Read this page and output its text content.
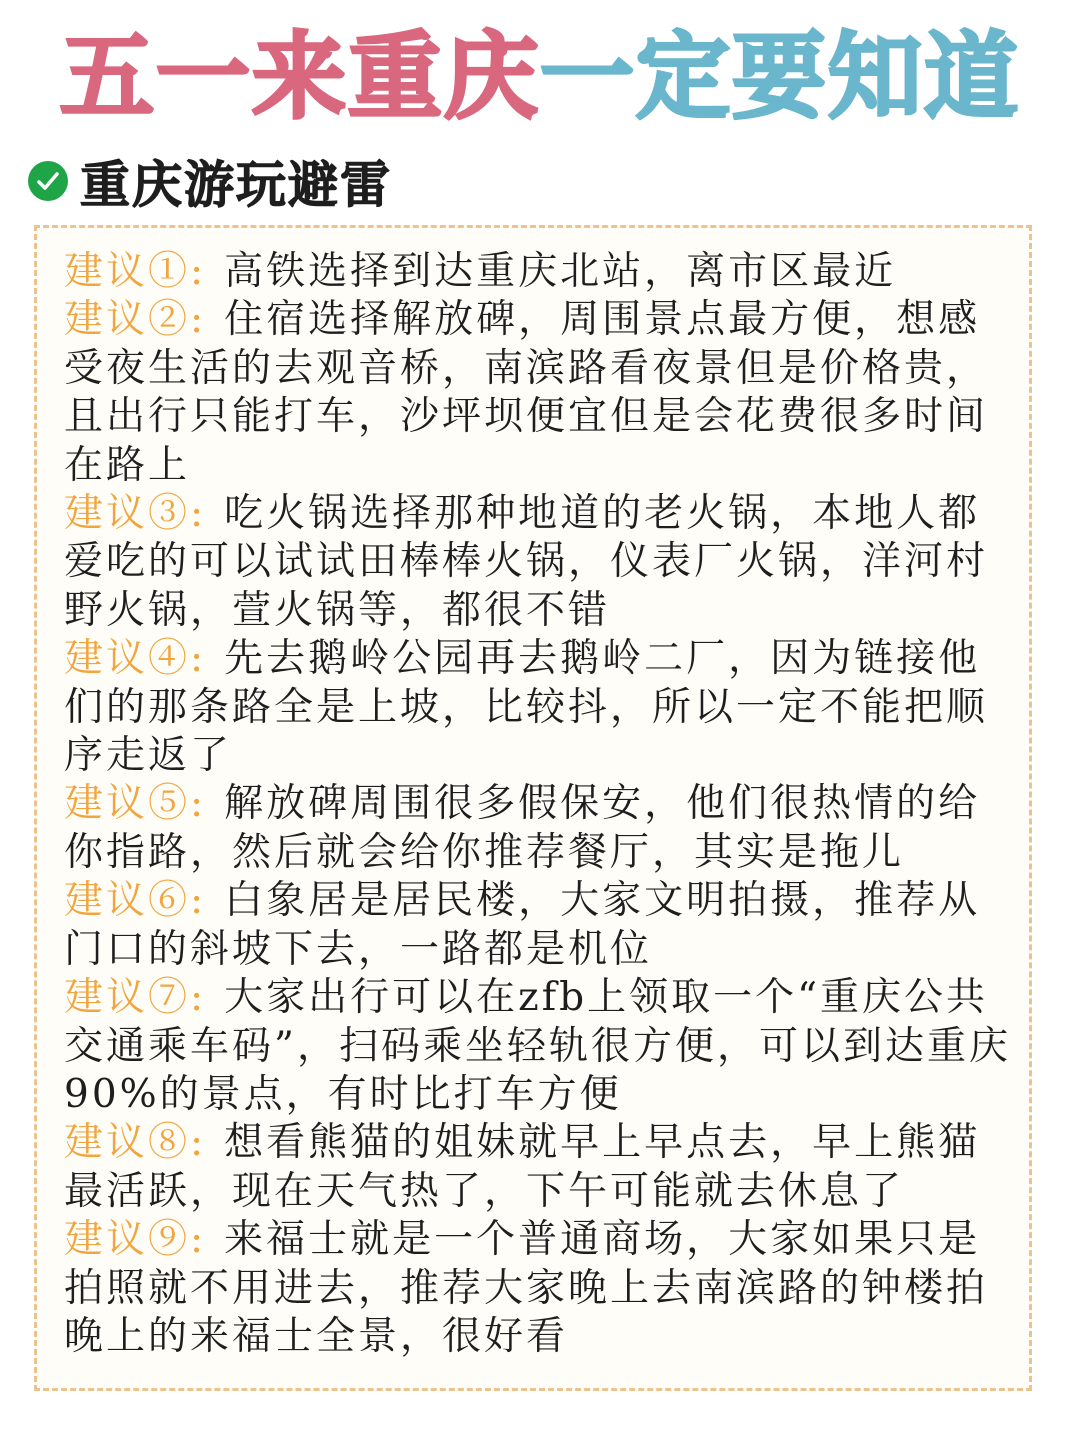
五一来重庆一定要知道
重庆游玩避雷

建议①: 高铁选择到达重庆北站，离市区最近

建议②: 住宿选择解放碑，周围景点最方便，想感受夜生活的去观音桥，南滨路看夜景但是价格贵，且出行只能打车，沙坪坝便宜但是会花费很多时间在路上

建议③: 吃火锅选择那种地道的老火锅，本地人都爱吃的可以试试田棒棒火锅，仪表厂火锅，洋河村野火锅，萱火锅等，都很不错

建议④: 先去鹅岭公园再去鹅岭二厂，因为链接他们的那条路全是上坡，比较抖，所以一定不能把顺序走返了

建议⑤: 解放碑周围很多假保安，他们很热情的给你指路，然后就会给你推荐餐厅，其实是拖儿

建议⑥: 白象居是居民楼，大家文明拍摄，推荐从门口的斜坡下去，一路都是机位

建议⑦: 大家出行可以在zfb上领取一个“重庆公共交通乘车码”，扫码乘坐轻轨很方便，可以到达重庆90%的景点，有时比打车方便

建议⑧: 想看熊猫的姐妹就早上早点去，早上熊猫最活跃，现在天气热了，下午可能就去休息了

建议⑨: 来福士就是一个普通商场，大家如果只是拍照就不用进去，推荐大家晚上去南滨路的钟楼拍晚上的来福士全景，很好看
